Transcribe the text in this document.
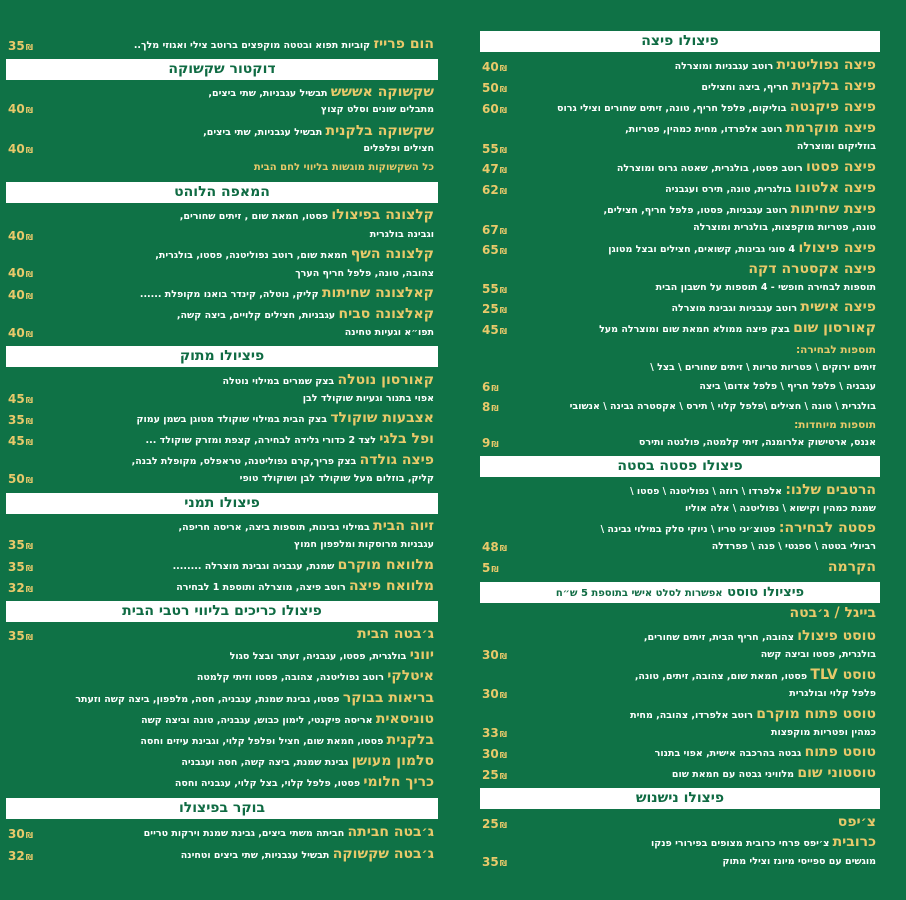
פיצולו פיצה
פיצה נפוליטנית רוטב עגבניות ומוצרלה
40₪
פיצה בלקנית חריף, ביצה וחצילים
50₪
פיצה פיקנטה בוליקום, פלפל חריף, טונה, זיתים שחורים וצילי גרוס
60₪
פיצה מוקרמת רוטב אלפרדו, מחית כמהין, פטריות,
בוזליקום ומוצרלה
55₪
פיצה פסטו רוטב פסטו, בולגרית, שאטה גרוס ומוצרלה
47₪
פיצה אלטונו בולגרית, טונה, תירס ועגבניה
62₪
פיצת שחיתות רוטב עגבניות, פסטו, פלפל חריף, חצילים,
טונה, פטריות מוקפצות, בולגרית ומוצרלה
67₪
פיצה פיצולו 4 סוגי גבינות, קשואים, חצילים ובצל מטוגן
65₪
פיצה אקסטרה דקה
תוספות לבחירה חופשי - 4 תוספות על חשבון הבית
55₪
פיצה אישית רוטב עגבניות וגבינת מוצרלה
25₪
קאורסון שום בצק פיצה ממולא חמאת שום ומוצרלה מעל
45₪
תוספות לבחירה:
זיתים ירוקים \ פטריות טריות \ זיתים שחורים \ בצל \
עגבניה \ פלפל חריף \ פלפל אדום\ ביצה
6₪
בולגרית \ טונה \ חצילים \פלפל קלוי \ תירס \ אקסטרה גבינה \ אנשובי
8₪
תוספות מיוחדות:
אננס, ארטישוק אלרומנה, זיתי קלמטה, פולנטה ותירס
9₪
פיצולו פסטה בסטה
הרטבים שלנו: אלפרדו \ רוזה \ נפוליטנה \ פסטו \
שמנת כמהין וקישוא \ נפוליטנה \ אלה אוליו
פסטה לבחירה: פטוצ׳יני טריו \ ניוקי סלק במילוי גבינה \
רביולי בטטה \ ספגטי \ פנה \ פפרדלה
48₪
הקרמה
5₪
פיציולו טוסט אפשרות לסלט אישי בתוספת 5 ש״ח
בייגל / ג׳בטה
טוסט פיצולו צהובה, חריף הבית, זיתים שחורים,
בולגרית, פסטו וביצה קשה
30₪
טוסט TLV פסטו, חמאת שום, צהובה, זיתים, טונה,
פלפל קלוי ובולגרית
30₪
טוסט פתוח מוקרם רוטב אלפרדו, צהובה, מחית
כמהין ופטריות מוקפצות
33₪
טוסט פתוח גבטה בהרכבה אישית, אפוי בתנור
30₪
טוסטוני שום מלוויני גבטה עם חמאת שום
25₪
פיצולו נישנוש
צ׳יפס
25₪
כרובית צ׳יפס פרחי כרובית מצופים בפירורי פנקו
מוגשים עם ספייסי מיונז וצילי מתוק
35₪
הום פרייז קוביות תפוא ובטטה מוקפצים ברוטב צילי ואגוזי מלך..
35₪
דוקטור שקשוקה
שקשוקה אששש תבשיל עגבניות, שתי ביצים,
מתבלים שונים וסלט קצוץ
40₪
שקשוקה בלקנית תבשיל עגבניות, שתי ביצים,
חצילים ופלפלים
40₪
כל השקשוקות מוגשות בליווי לחם הבית
המאפה הלוהט
קלצונה בפיצולו פסטו, חמאת שום , זיתים שחורים,
וגבינה בולגרית
40₪
קלצונה השף חמאת שום, רוטב נפוליטנה, פסטו, בולגרית,
צהובה, טונה, פלפל חריף הערך
40₪
קאלצונה שחיתות קליק, נוטלה, קינדר בואנו מקופלת ......
40₪
קאלצונה סביח עגבניות, חצילים קלויים, ביצה קשה,
תפו״א וגעיות טחינה
40₪
פיציולו מתוק
קאורסון נוטלה בצק שמרים במילוי נוטלה
אפוי בתנור וגעיות שוקולד לבן
45₪
אצבעות שוקולד בצק הבית במילוי שוקולד מטוגן בשמן עמוק
35₪
ופל בלגי לצד 2 כדורי גלידה לבחירה, קצפת ומזרק שוקולד ...
45₪
פיצה גולדה בצק פריך,קרם נפוליטנה, טראפלס, מקופלת לבנה,
קליק, בוזלום מעל שוקולד לבן ושוקולד טופי
50₪
פיצולו תמני
זיוה הבית במילוי גבינות, תוספות ביצה, אריסה חריפה,
עגבניות מרוסקות ומלפפון חמוץ
35₪
מלוואח מוקרם שמנת, עגבניה וגבינת מוצרלה ........
35₪
מלוואח פיצה רוטב פיצה, מוצרלה ותוספת 1 לבחירה
32₪
פיצולו כריכים בליווי רטבי הבית
ג׳בטה הבית
35₪
יווני בולגרית, פסטו, עגבניה, זעתר ובצל סגול
איטלקי רוטב נפוליטנה, צהובה, פסטו וזיתי קלמטה
בריאות בבוקר פסטו, גבינת שמנת, עגבניה, חסה, מלפפון, ביצה קשה וזעתר
טוניסאית אריסה פיקנטי, לימון כבוש, עגבניה, טונה וביצה קשה
בלקנית פסטו, חמאת שום, חציל ופלפל קלוי, וגבינת עיזים וחסה
סלמון מעושן גבינת שמנת, ביצה קשה, חסה ועגבניה
כריך חלומי פסטו, פלפל קלוי, בצל קלוי, עגבניה וחסה
בוקר בפיצולו
ג׳בטה חביתה חביתה משתי ביצים, גבינת שמנת וירקות טריים
30₪
ג׳בטה שקשוקה תבשיל עגבניות, שתי ביצים וטחינה
32₪
